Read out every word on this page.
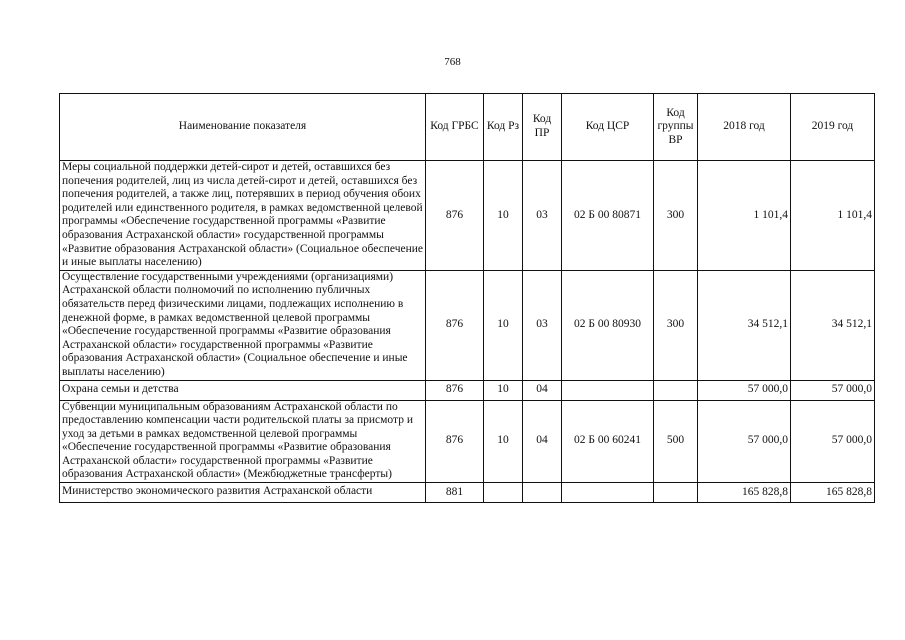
768
Наименование показателя	Код ГРБС	Код Рз	Код ПР	Код ЦСР	Код группы ВР	2018 год	2019 год
Меры социальной поддержки детей-сирот и детей, оставшихся без попечения родителей, лиц из числа детей-сирот и детей, оставшихся без попечения родителей, а также лиц, потерявших в период обучения обоих родителей или единственного родителя, в рамках ведомственной целевой программы «Обеспечение государственной программы «Развитие образования Астраханской области» государственной программы «Развитие образования Астраханской области» (Социальное обеспечение и иные выплаты населению)	876	10	03	02 Б 00 80871	300	1 101,4	1 101,4
Осуществление государственными учреждениями (организациями) Астраханской области полномочий по исполнению публичных обязательств перед физическими лицами, подлежащих исполнению в денежной форме, в рамках ведомственной целевой программы «Обеспечение государственной программы «Развитие образования Астраханской области» государственной программы «Развитие образования Астраханской области» (Социальное обеспечение и иные выплаты населению)	876	10	03	02 Б 00 80930	300	34 512,1	34 512,1
Охрана семьи и детства	876	10	04			57 000,0	57 000,0
Субвенции муниципальным образованиям Астраханской области по предоставлению компенсации части родительской платы за присмотр и уход за детьми в рамках ведомственной целевой программы «Обеспечение государственной программы «Развитие образования Астраханской области» государственной программы «Развитие образования Астраханской области» (Межбюджетные трансферты)	876	10	04	02 Б 00 60241	500	57 000,0	57 000,0
Министерство экономического развития Астраханской области	881					165 828,8	165 828,8
